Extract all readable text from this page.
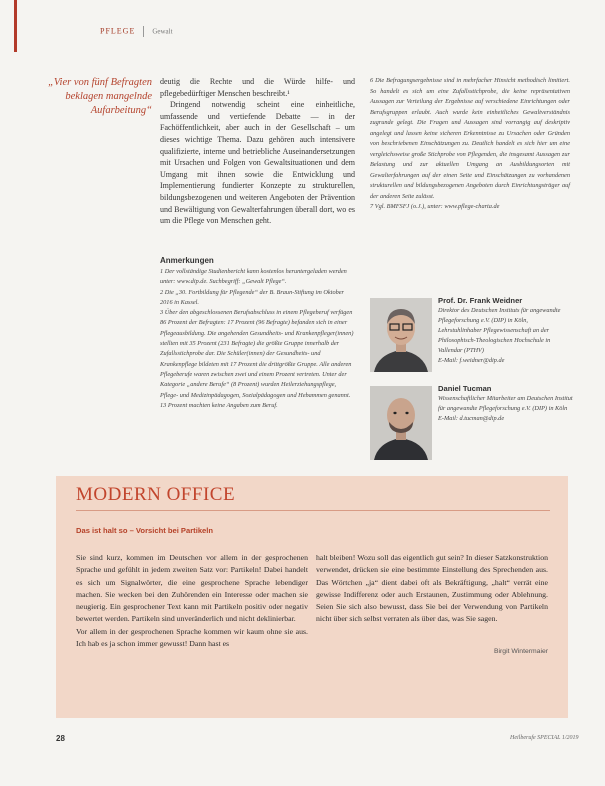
PFLEGE Gewalt
„Vier von fünf Befragten beklagen mangelnde Aufarbeitung“

deutig die Rechte und die Würde hilfe- und pflegebedürftiger Menschen beschreibt.¹

Dringend notwendig scheint eine einheitliche, umfassende und vertiefende Debatte — in der Fachöffentlichkeit, aber auch in der Gesellschaft – um dieses wichtige Thema. Dazu gehören auch intensivere qualifizierte, interne und betriebliche Auseinandersetzungen mit Ursachen und Folgen von Gewaltsituationen und dem Umgang mit ihnen sowie die Entwicklung und Implementierung fundierter Konzepte zu strukturellen, bildungsbezogenen und weiteren Angeboten der Prävention und Bewältigung von Gewalterfahrungen überall dort, wo es um die Pflege von Menschen geht.

6 Die Befragungsergebnisse sind in mehrfacher Hinsicht methodisch limitiert. So handelt es sich um eine Zufallsstichprobe, die keine repräsentativen Aussagen zur Verteilung der Ergebnisse auf verschiedene Einrichtungen oder Berufsgruppen erlaubt. Auch wurde kein einheitliches Gewaltverständnis zugrunde gelegt. Die Fragen und Aussagen sind vorrangig auf deskriptiv angelegt und lassen keine sicheren Erkenntnisse zu Ursachen oder Gründen von beschriebenen Einschätzungen zu. Deutlich handelt es sich hier um eine vergleichsweise große Stichprobe von Pflegenden, die insgesamt Aussagen zur Belastung und zur aktuellen Umgang an Ausbildungsorten mit Gewalterfahrungen auf der einen Seite und Einschätzungen zu vorhandenen strukturellen und bildungsbezogenen Angeboten durch Einrichtungsträger auf der anderen Seite zulässt.

7 Vgl. BMFSFJ (o.J.), unter: www.pflege-charta.de

Anmerkungen
1 Der vollständige Studienbericht kann kostenlos heruntergeladen werden unter: www.dip.de. Suchbegriff: „Gewalt Pflege“.
2 Die „30. Fortbildung für Pflegende“ der B. Braun-Stiftung im Oktober 2016 in Kassel.
3 Über den abgeschlossenen Berufsabschluss in einem Pflegeberuf verfügen 86 Prozent der Befragten: 17 Prozent (96 Befragte) befanden sich in einer Pflegeausbildung. Die angehenden Gesundheits- und Krankenpfleger(innen) stellten mit 35 Prozent (231 Befragte) die größte Gruppe innerhalb der Zufallsstichprobe dar. Die Schüler(innen) der Gesundheits- und Krankenpflege bildeten mit 17 Prozent die drittgrößte Gruppe. Alle anderen Pflegeberufe waren zwischen zwei und einem Prozent vertreten. Unter der Kategorie „andere Berufe“ (8 Prozent) wurden Heilerziehungspflege, Pflege- und Medizinpädagogen, Sozialpädagogen und Hebammen genannt. 13 Prozent machten keine Angaben zum Beruf.
Prof. Dr. Frank Weidner
Direktor des Deutschen Instituts für angewandte Pflegeforschung e.V. (DIP) in Köln, Lehrstuhlinhaber Pflegewissenschaft an der Philosophisch-Theologischen Hochschule in Vallendar (PTHV)
E-Mail: f.weidner@dip.de
Daniel Tucman
Wissenschaftlicher Mitarbeiter am Deutschen Institut für angewandte Pflegeforschung e.V. (DIP) in Köln
E-Mail: d.tucman@dip.de
MODERN OFFICE
Das ist halt so – Vorsicht bei Partikeln

Sie sind kurz, kommen im Deutschen vor allem in der gesprochenen Sprache und gefühlt in jedem zweiten Satz vor: Partikeln! Dabei handelt es sich um Signalwörter, die eine gesprochene Sprache lebendiger machen. Sie wecken bei den Zuhörenden ein Interesse oder machen sie neugierig. Ein gesprochener Text kann mit Partikeln positiv oder negativ bewertet werden. Partikeln sind unveränderlich und nicht deklinierbar.

Vor allem in der gesprochenen Sprache kommen wir kaum ohne sie aus. Ich hab es ja schon immer gewusst! Dann hast es

halt bleiben! Wozu soll das eigentlich gut sein? In dieser Satzkonstruktion verwendet, drücken sie eine bestimmte Einstellung des Sprechenden aus. Das Wörtchen „ja“ dient dabei oft als Bekräftigung, „halt“ verrät eine gewisse Indifferenz oder auch Erstaunen, Zustimmung oder Ablehnung. Seien Sie sich also bewusst, dass Sie bei der Verwendung von Partikeln nicht über sich selbst verraten als über das, was Sie sagen.

Birgit Wintermaier
28	Heilberufe SPECIAL 1/2019
